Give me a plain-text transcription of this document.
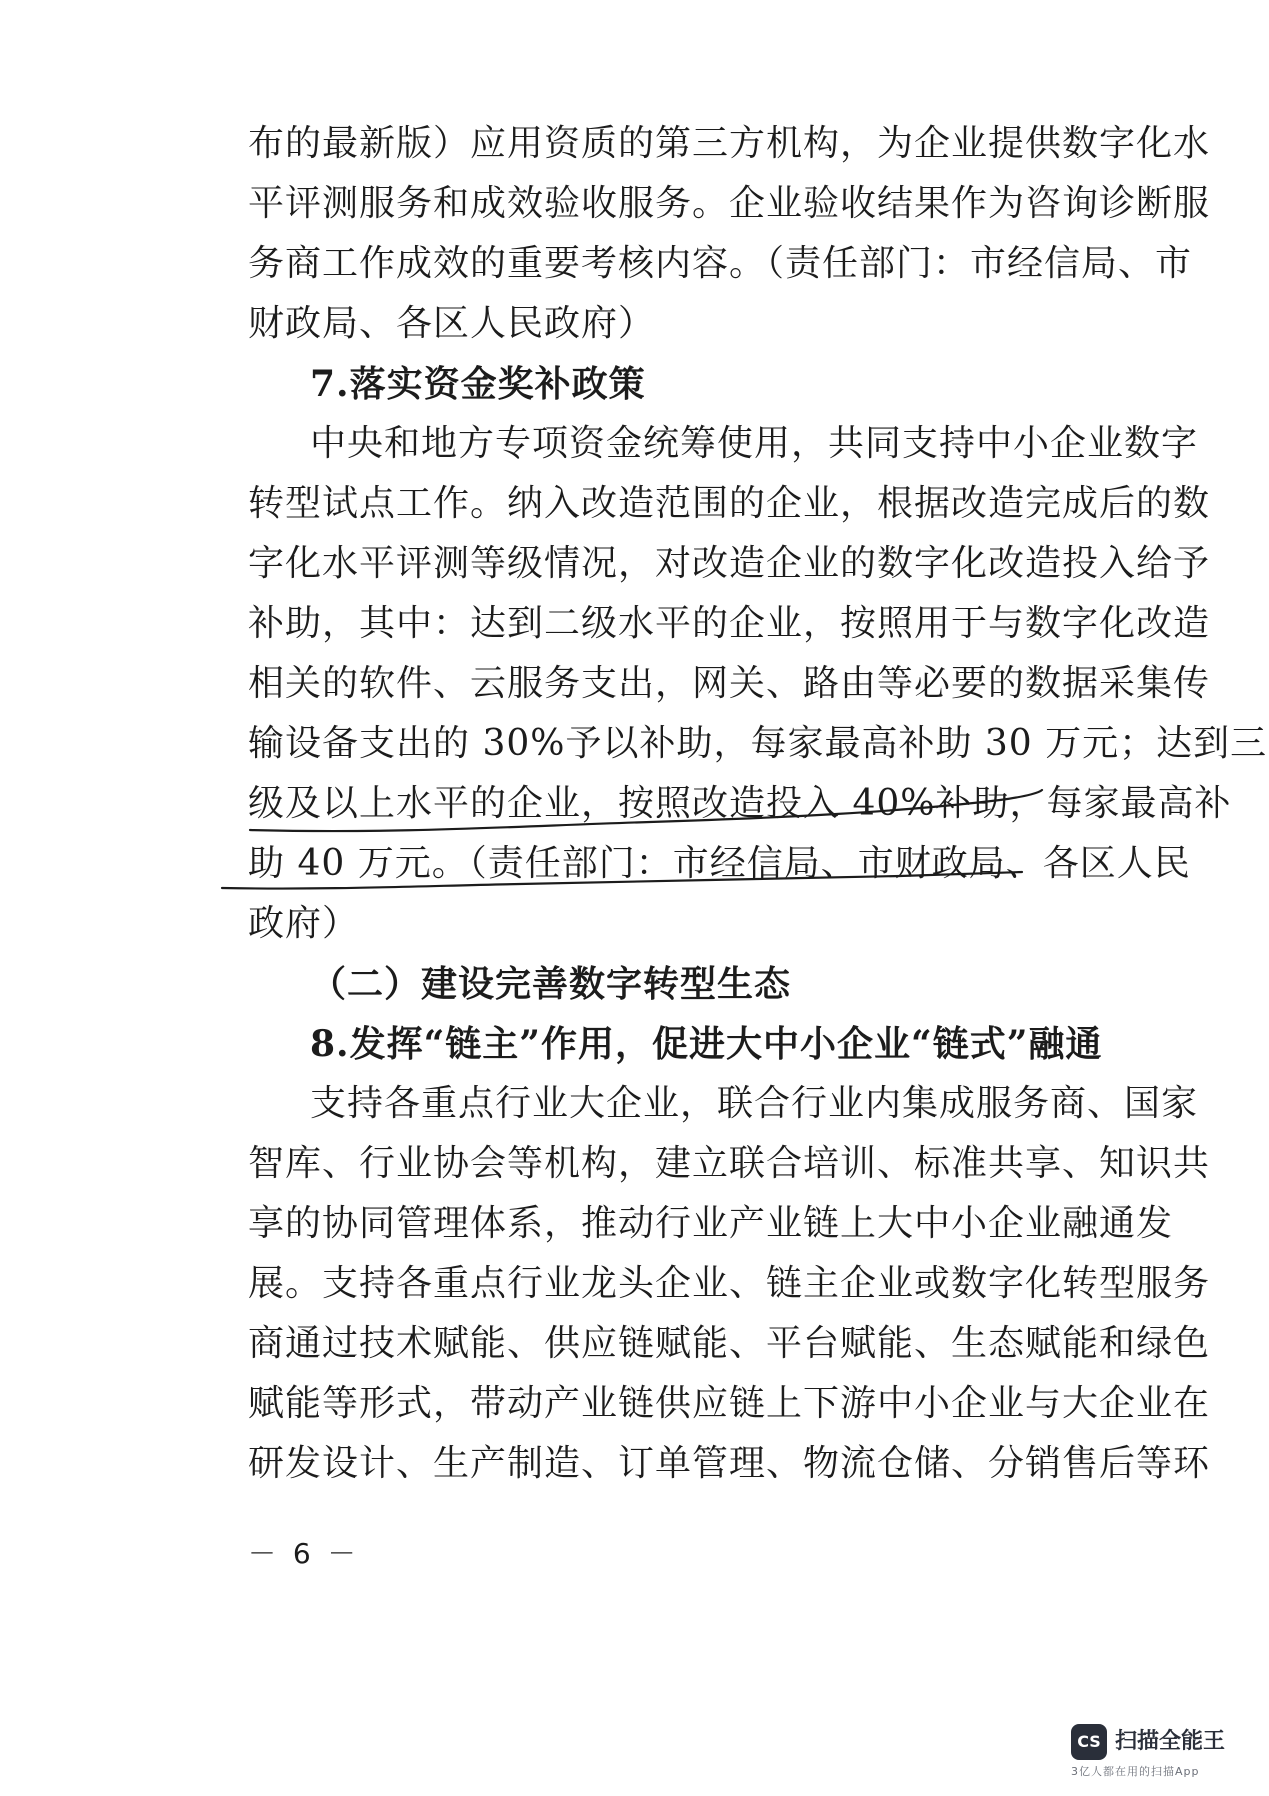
布的最新版）应用资质的第三方机构，为企业提供数字化水
平评测服务和成效验收服务。企业验收结果作为咨询诊断服
务商工作成效的重要考核内容。（责任部门：市经信局、市
财政局、各区人民政府）
7.落实资金奖补政策
中央和地方专项资金统筹使用，共同支持中小企业数字
转型试点工作。纳入改造范围的企业，根据改造完成后的数
字化水平评测等级情况，对改造企业的数字化改造投入给予
补助，其中：达到二级水平的企业，按照用于与数字化改造
相关的软件、云服务支出，网关、路由等必要的数据采集传
输设备支出的 30%予以补助，每家最高补助 30 万元；达到三
级及以上水平的企业，按照改造投入 40%补助，每家最高补
助 40 万元。（责任部门：市经信局、市财政局、各区人民
政府）
（二）建设完善数字转型生态
8.发挥“链主”作用，促进大中小企业“链式”融通
支持各重点行业大企业，联合行业内集成服务商、国家
智库、行业协会等机构，建立联合培训、标准共享、知识共
享的协同管理体系，推动行业产业链上大中小企业融通发
展。支持各重点行业龙头企业、链主企业或数字化转型服务
商通过技术赋能、供应链赋能、平台赋能、生态赋能和绿色
赋能等形式，带动产业链供应链上下游中小企业与大企业在
研发设计、生产制造、订单管理、物流仓储、分销售后等环
－ 6 －
CS 扫描全能王
3亿人都在用的扫描App
